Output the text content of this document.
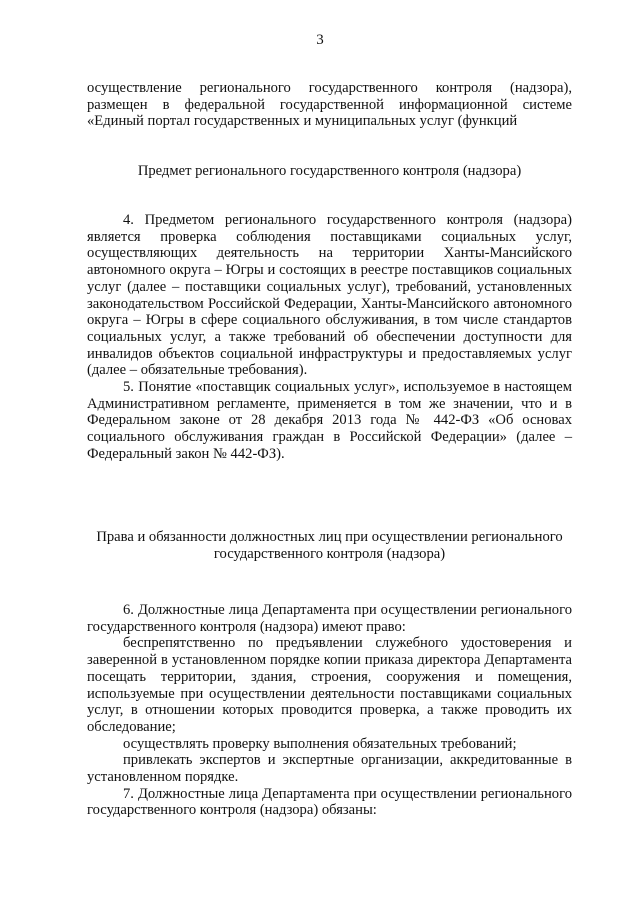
3

осуществление регионального государственного контроля (надзора), размещен в федеральной государственной информационной системе «Единый портал государственных и муниципальных услуг (функций

Предмет регионального государственного контроля (надзора)

4. Предметом регионального государственного контроля (надзора) является проверка соблюдения поставщиками социальных услуг, осуществляющих деятельность на территории Ханты-Мансийского автономного округа – Югры и состоящих в реестре поставщиков социальных услуг (далее – поставщики социальных услуг), требований, установленных законодательством Российской Федерации, Ханты-Мансийского автономного округа – Югры в сфере социального обслуживания, в том числе стандартов социальных услуг, а также требований об обеспечении доступности для инвалидов объектов социальной инфраструктуры и предоставляемых услуг (далее – обязательные требования).

5. Понятие «поставщик социальных услуг», используемое в настоящем Административном регламенте, применяется в том же значении, что и в Федеральном законе от 28 декабря 2013 года № 442-ФЗ «Об основах социального обслуживания граждан в Российской Федерации» (далее – Федеральный закон № 442-ФЗ).

Права и обязанности должностных лиц при осуществлении регионального государственного контроля (надзора)

6. Должностные лица Департамента при осуществлении регионального государственного контроля (надзора) имеют право:

беспрепятственно по предъявлении служебного удостоверения и заверенной в установленном порядке копии приказа директора Департамента посещать территории, здания, строения, сооружения и помещения, используемые при осуществлении деятельности поставщиками социальных услуг, в отношении которых проводится проверка, а также проводить их обследование;

осуществлять проверку выполнения обязательных требований;

привлекать экспертов и экспертные организации, аккредитованные в установленном порядке.

7. Должностные лица Департамента при осуществлении регионального государственного контроля (надзора) обязаны:
